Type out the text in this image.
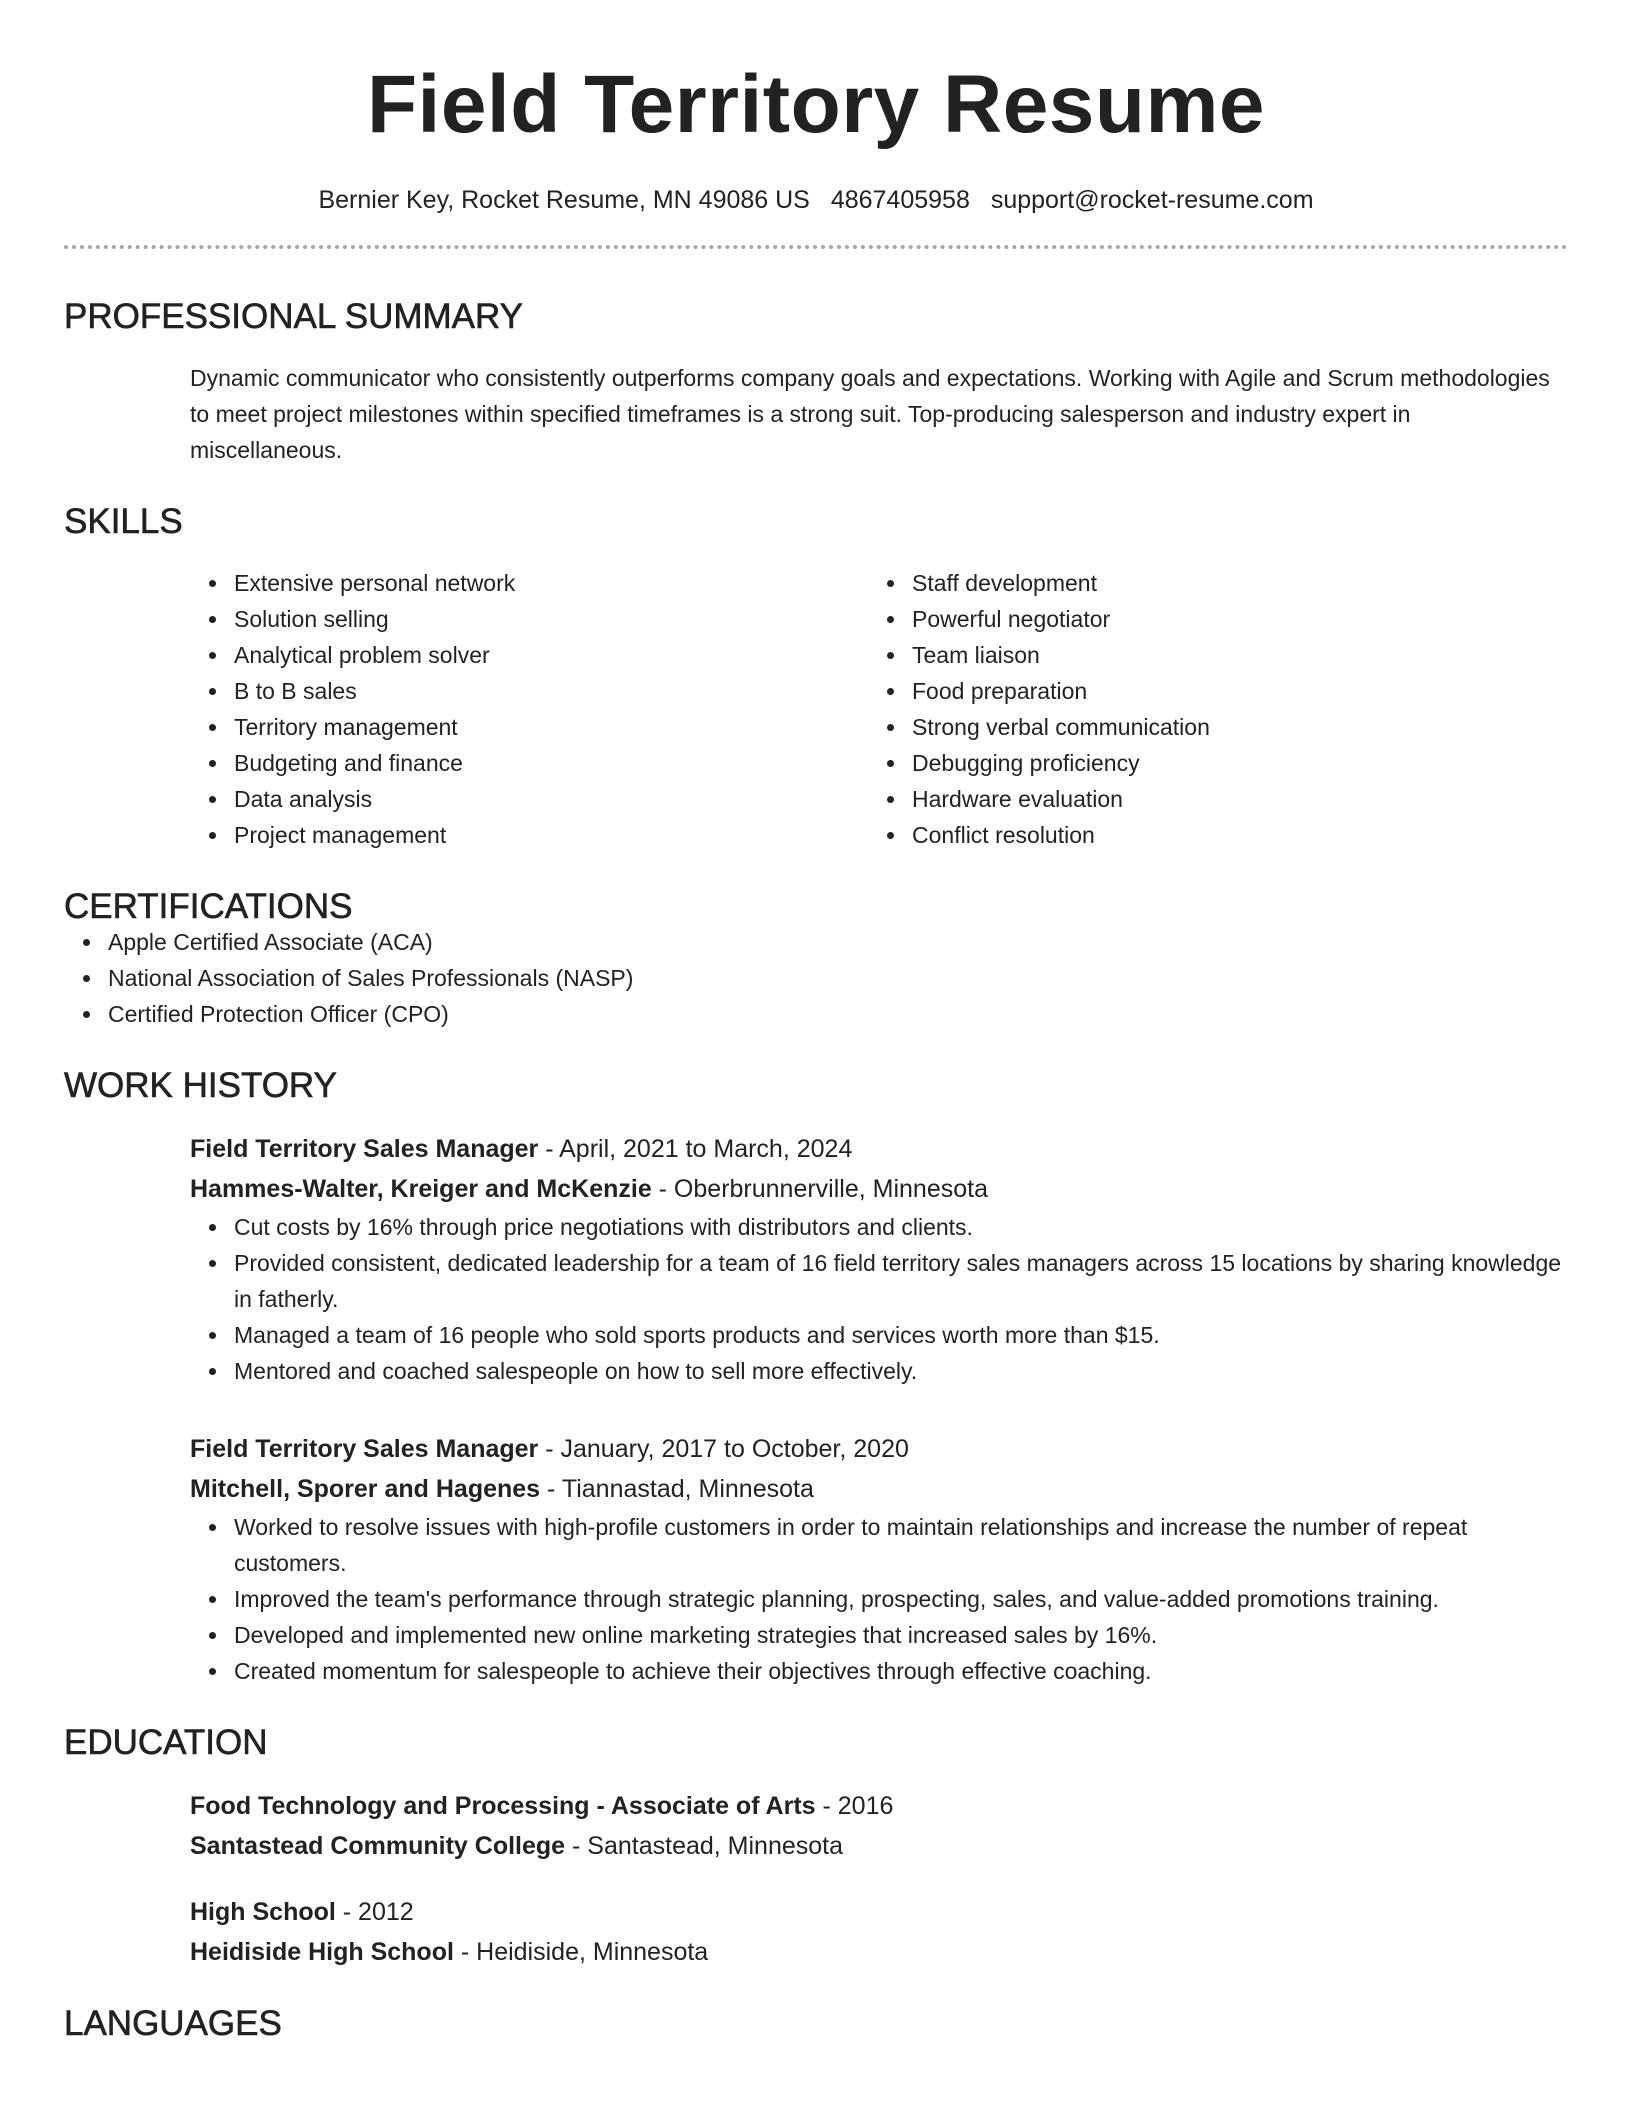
Field Territory Resume
Bernier Key, Rocket Resume, MN 49086 US 4867405958 support@rocket-resume.com
PROFESSIONAL SUMMARY
Dynamic communicator who consistently outperforms company goals and expectations. Working with Agile and Scrum methodologies to meet project milestones within specified timeframes is a strong suit. Top-producing salesperson and industry expert in miscellaneous.
SKILLS
Extensive personal network
Solution selling
Analytical problem solver
B to B sales
Territory management
Budgeting and finance
Data analysis
Project management
Staff development
Powerful negotiator
Team liaison
Food preparation
Strong verbal communication
Debugging proficiency
Hardware evaluation
Conflict resolution
CERTIFICATIONS
Apple Certified Associate (ACA)
National Association of Sales Professionals (NASP)
Certified Protection Officer (CPO)
WORK HISTORY
Field Territory Sales Manager - April, 2021 to March, 2024
Hammes-Walter, Kreiger and McKenzie - Oberbrunnerville, Minnesota
Cut costs by 16% through price negotiations with distributors and clients.
Provided consistent, dedicated leadership for a team of 16 field territory sales managers across 15 locations by sharing knowledge in fatherly.
Managed a team of 16 people who sold sports products and services worth more than $15.
Mentored and coached salespeople on how to sell more effectively.
Field Territory Sales Manager - January, 2017 to October, 2020
Mitchell, Sporer and Hagenes - Tiannastad, Minnesota
Worked to resolve issues with high-profile customers in order to maintain relationships and increase the number of repeat customers.
Improved the team's performance through strategic planning, prospecting, sales, and value-added promotions training.
Developed and implemented new online marketing strategies that increased sales by 16%.
Created momentum for salespeople to achieve their objectives through effective coaching.
EDUCATION
Food Technology and Processing - Associate of Arts - 2016
Santastead Community College - Santastead, Minnesota
High School - 2012
Heidiside High School - Heidiside, Minnesota
LANGUAGES
